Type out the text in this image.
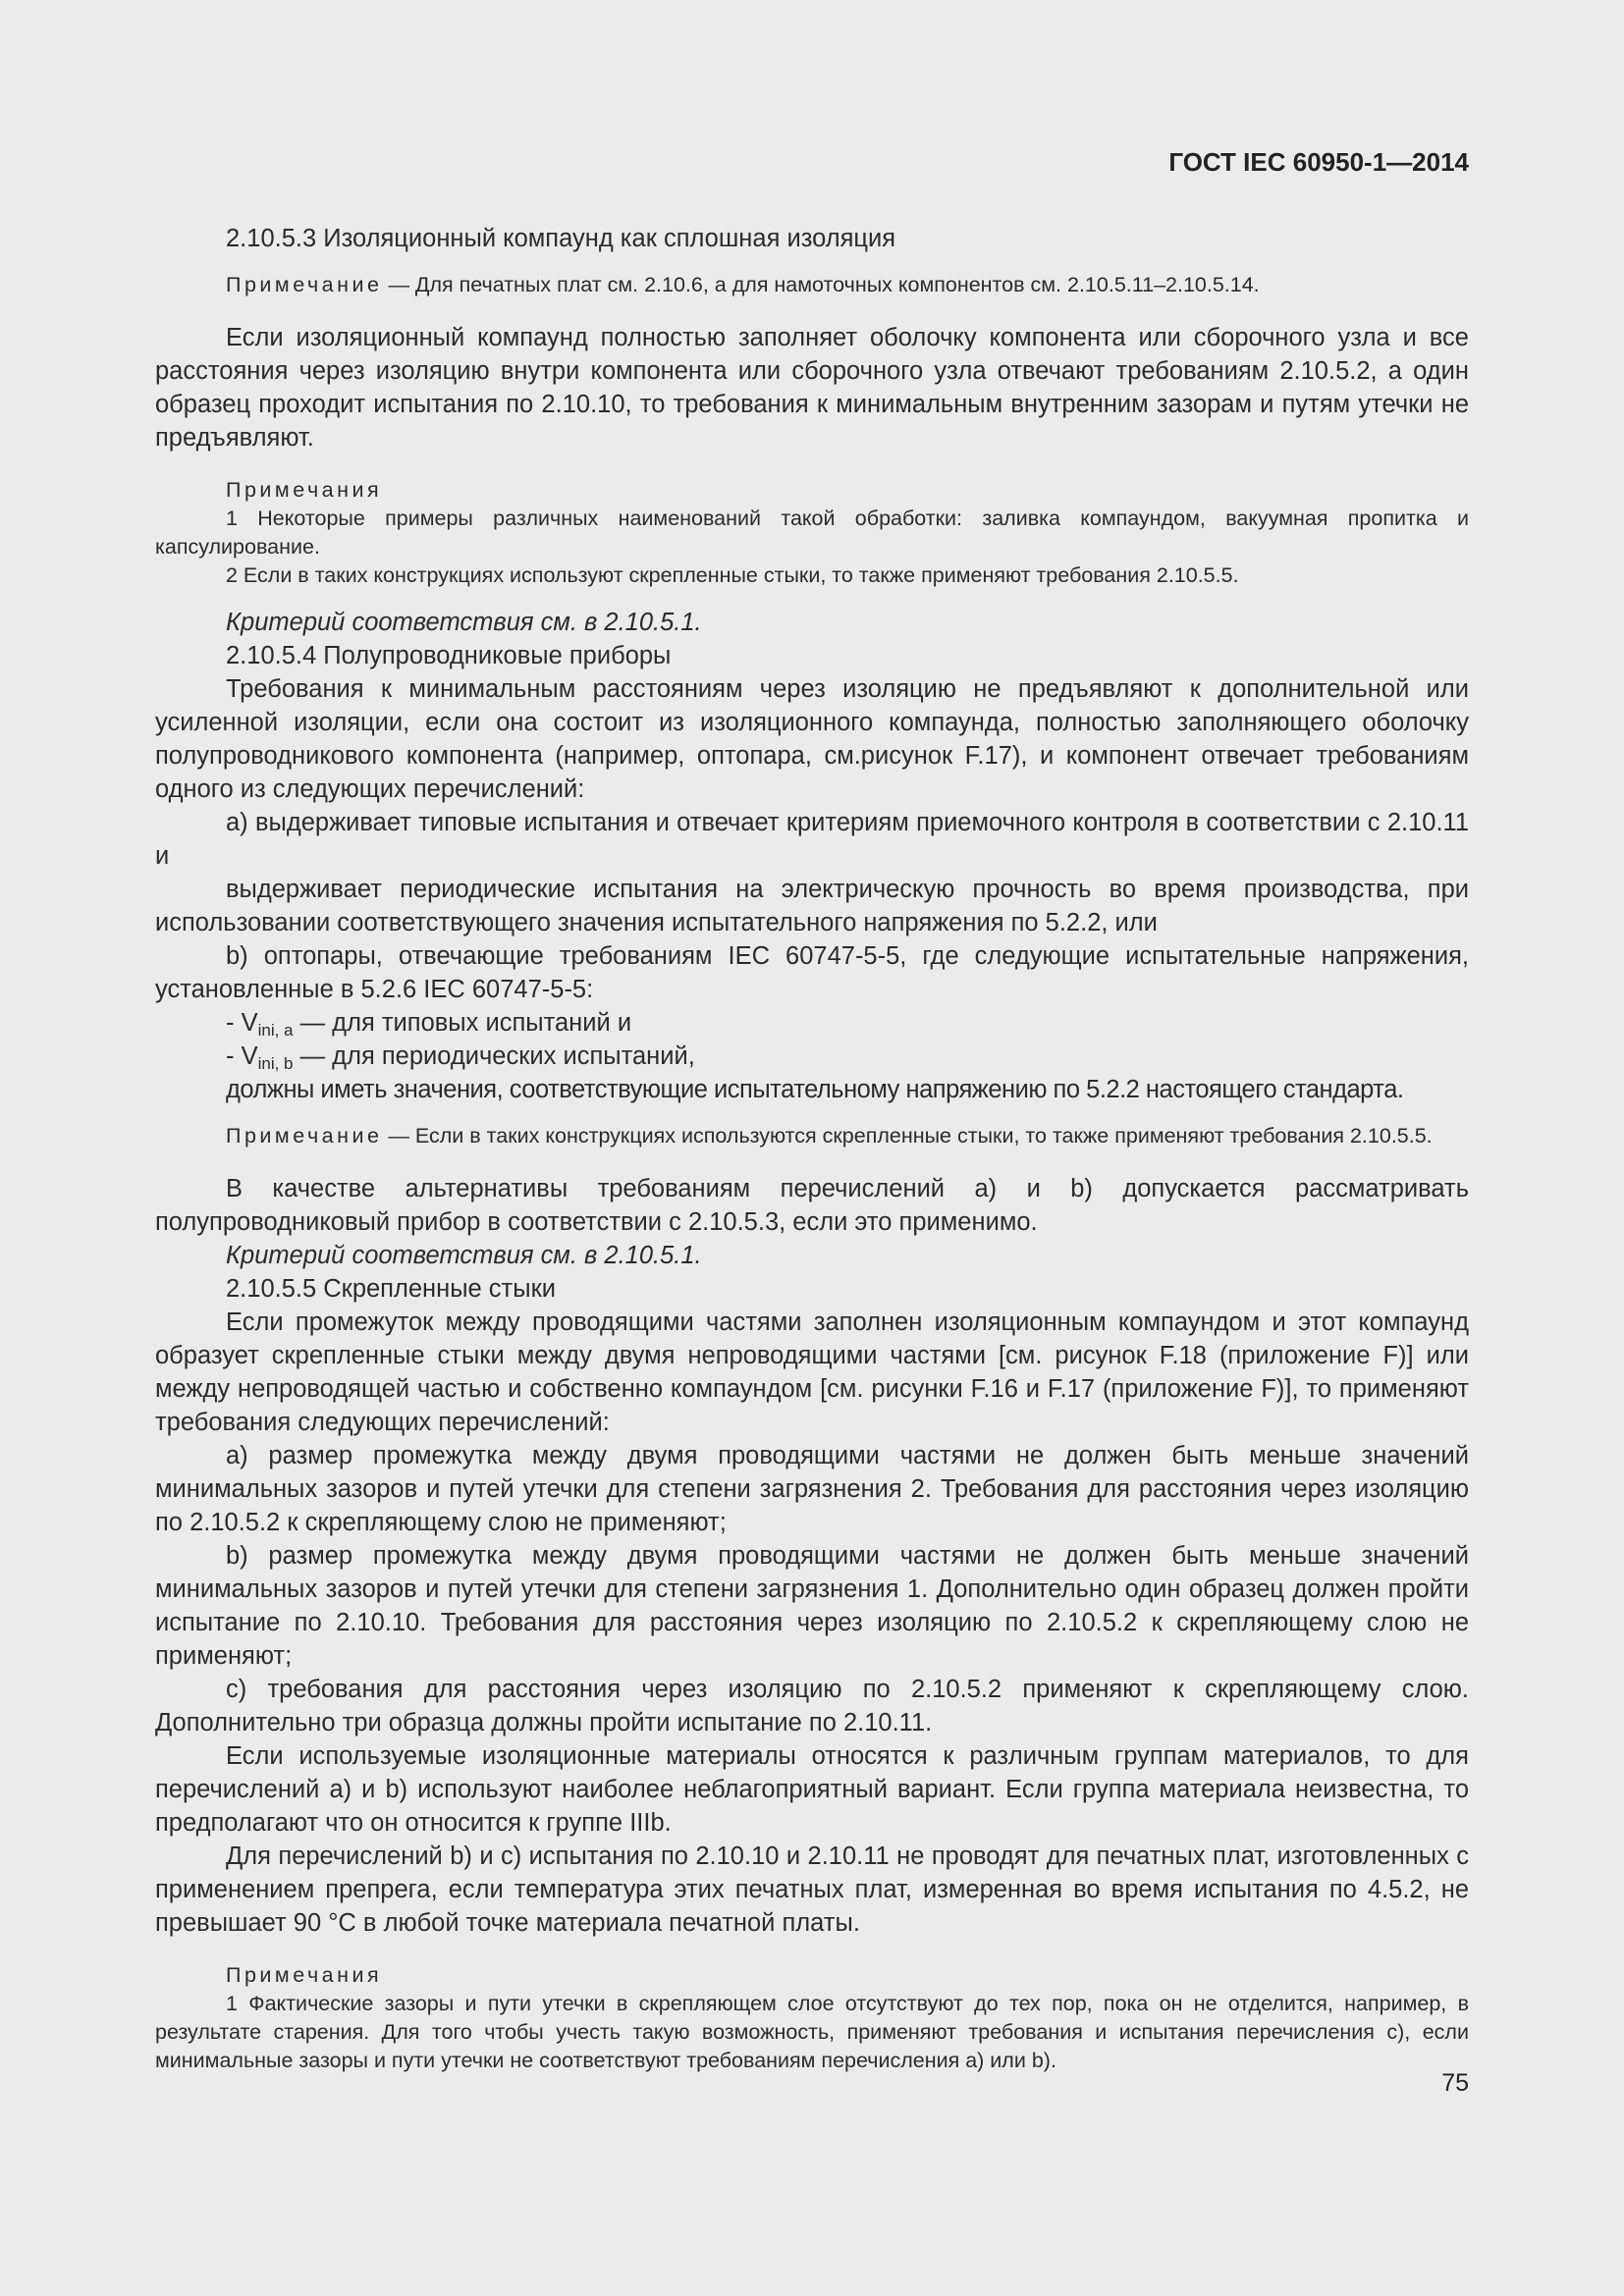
ГОСТ IEC 60950-1—2014

2.10.5.3 Изоляционный компаунд как сплошная изоляция

Примечание — Для печатных плат см. 2.10.6, а для намоточных компонентов см. 2.10.5.11–2.10.5.14.

Если изоляционный компаунд полностью заполняет оболочку компонента или сборочного узла и все расстояния через изоляцию внутри компонента или сборочного узла отвечают требованиям 2.10.5.2, а один образец проходит испытания по 2.10.10, то требования к минимальным внутренним зазорам и путям утечки не предъявляют.

Примечания

1 Некоторые примеры различных наименований такой обработки: заливка компаундом, вакуумная пропитка и капсулирование.

2 Если в таких конструкциях используют скрепленные стыки, то также применяют требования 2.10.5.5.

Критерий соответствия см. в 2.10.5.1.

2.10.5.4 Полупроводниковые приборы

Требования к минимальным расстояниям через изоляцию не предъявляют к дополнительной или усиленной изоляции, если она состоит из изоляционного компаунда, полностью заполняющего оболочку полупроводникового компонента (например, оптопара, см.рисунок F.17), и компонент отвечает требованиям одного из следующих перечислений:

a) выдерживает типовые испытания и отвечает критериям приемочного контроля в соответствии с 2.10.11 и

выдерживает периодические испытания на электрическую прочность во время производства, при использовании соответствующего значения испытательного напряжения по 5.2.2, или

b) оптопары, отвечающие требованиям IEC 60747-5-5, где следующие испытательные напряжения, установленные в 5.2.6 IEC 60747-5-5:

- $V_{ini, a}$ — для типовых испытаний и

- $V_{ini, b}$ — для периодических испытаний,

должны иметь значения, соответствующие испытательному напряжению по 5.2.2 настоящего стандарта.

Примечание — Если в таких конструкциях используются скрепленные стыки, то также применяют требования 2.10.5.5.

В качестве альтернативы требованиям перечислений a) и b) допускается рассматривать полупроводниковый прибор в соответствии с 2.10.5.3, если это применимо.

Критерий соответствия см. в 2.10.5.1.

2.10.5.5 Скрепленные стыки

Если промежуток между проводящими частями заполнен изоляционным компаундом и этот компаунд образует скрепленные стыки между двумя непроводящими частями [см. рисунок F.18 (приложение F)] или между непроводящей частью и собственно компаундом [см. рисунки F.16 и F.17 (приложение F)], то применяют требования следующих перечислений:

a) размер промежутка между двумя проводящими частями не должен быть меньше значений минимальных зазоров и путей утечки для степени загрязнения 2. Требования для расстояния через изоляцию по 2.10.5.2 к скрепляющему слою не применяют;

b) размер промежутка между двумя проводящими частями не должен быть меньше значений минимальных зазоров и путей утечки для степени загрязнения 1. Дополнительно один образец должен пройти испытание по 2.10.10. Требования для расстояния через изоляцию по 2.10.5.2 к скрепляющему слою не применяют;

c) требования для расстояния через изоляцию по 2.10.5.2 применяют к скрепляющему слою. Дополнительно три образца должны пройти испытание по 2.10.11.

Если используемые изоляционные материалы относятся к различным группам материалов, то для перечислений a) и b) используют наиболее неблагоприятный вариант. Если группа материала неизвестна, то предполагают что он относится к группе IIIb.

Для перечислений b) и c) испытания по 2.10.10 и 2.10.11 не проводят для печатных плат, изготовленных с применением препрега, если температура этих печатных плат, измеренная во время испытания по 4.5.2, не превышает 90 °C в любой точке материала печатной платы.

Примечания

1 Фактические зазоры и пути утечки в скрепляющем слое отсутствуют до тех пор, пока он не отделится, например, в результате старения. Для того чтобы учесть такую возможность, применяют требования и испытания перечисления c), если минимальные зазоры и пути утечки не соответствуют требованиям перечисления a) или b).

75
